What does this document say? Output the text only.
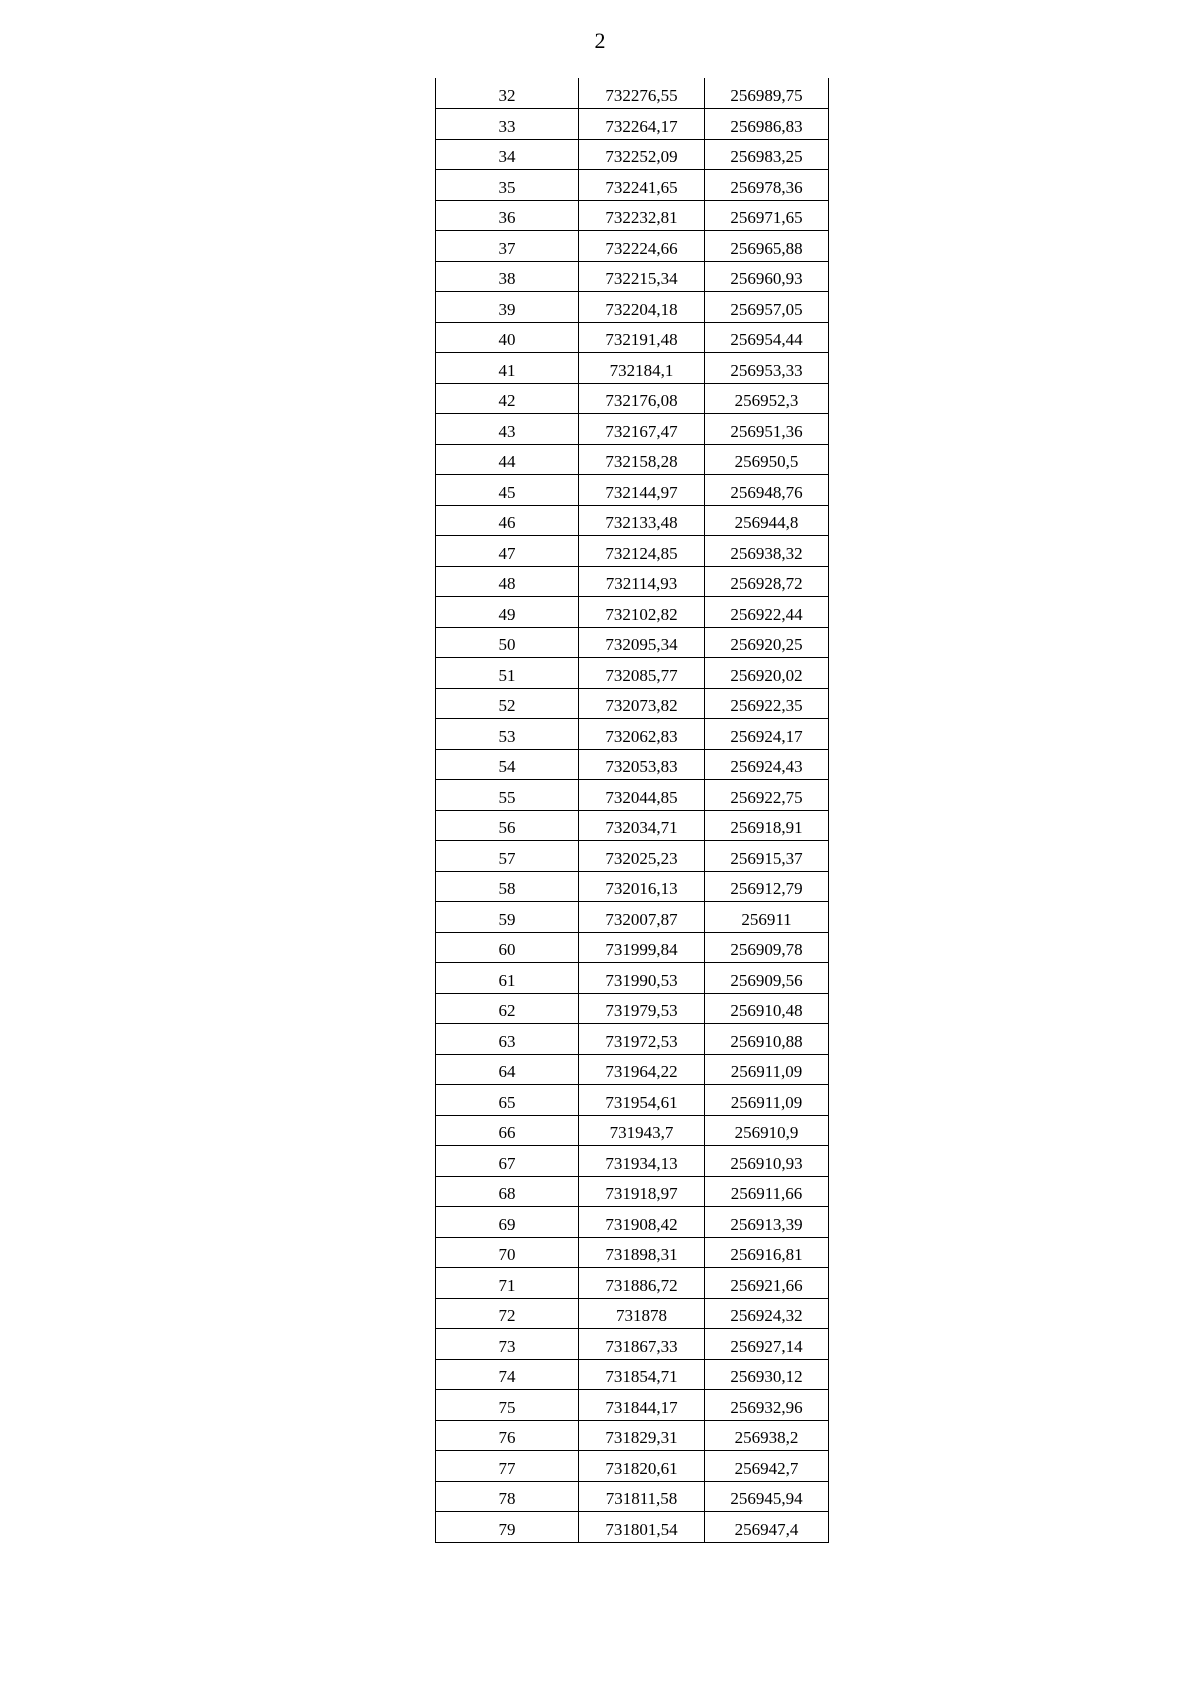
2
32	732276,55	256989,75
33	732264,17	256986,83
34	732252,09	256983,25
35	732241,65	256978,36
36	732232,81	256971,65
37	732224,66	256965,88
38	732215,34	256960,93
39	732204,18	256957,05
40	732191,48	256954,44
41	732184,1	256953,33
42	732176,08	256952,3
43	732167,47	256951,36
44	732158,28	256950,5
45	732144,97	256948,76
46	732133,48	256944,8
47	732124,85	256938,32
48	732114,93	256928,72
49	732102,82	256922,44
50	732095,34	256920,25
51	732085,77	256920,02
52	732073,82	256922,35
53	732062,83	256924,17
54	732053,83	256924,43
55	732044,85	256922,75
56	732034,71	256918,91
57	732025,23	256915,37
58	732016,13	256912,79
59	732007,87	256911
60	731999,84	256909,78
61	731990,53	256909,56
62	731979,53	256910,48
63	731972,53	256910,88
64	731964,22	256911,09
65	731954,61	256911,09
66	731943,7	256910,9
67	731934,13	256910,93
68	731918,97	256911,66
69	731908,42	256913,39
70	731898,31	256916,81
71	731886,72	256921,66
72	731878	256924,32
73	731867,33	256927,14
74	731854,71	256930,12
75	731844,17	256932,96
76	731829,31	256938,2
77	731820,61	256942,7
78	731811,58	256945,94
79	731801,54	256947,4
